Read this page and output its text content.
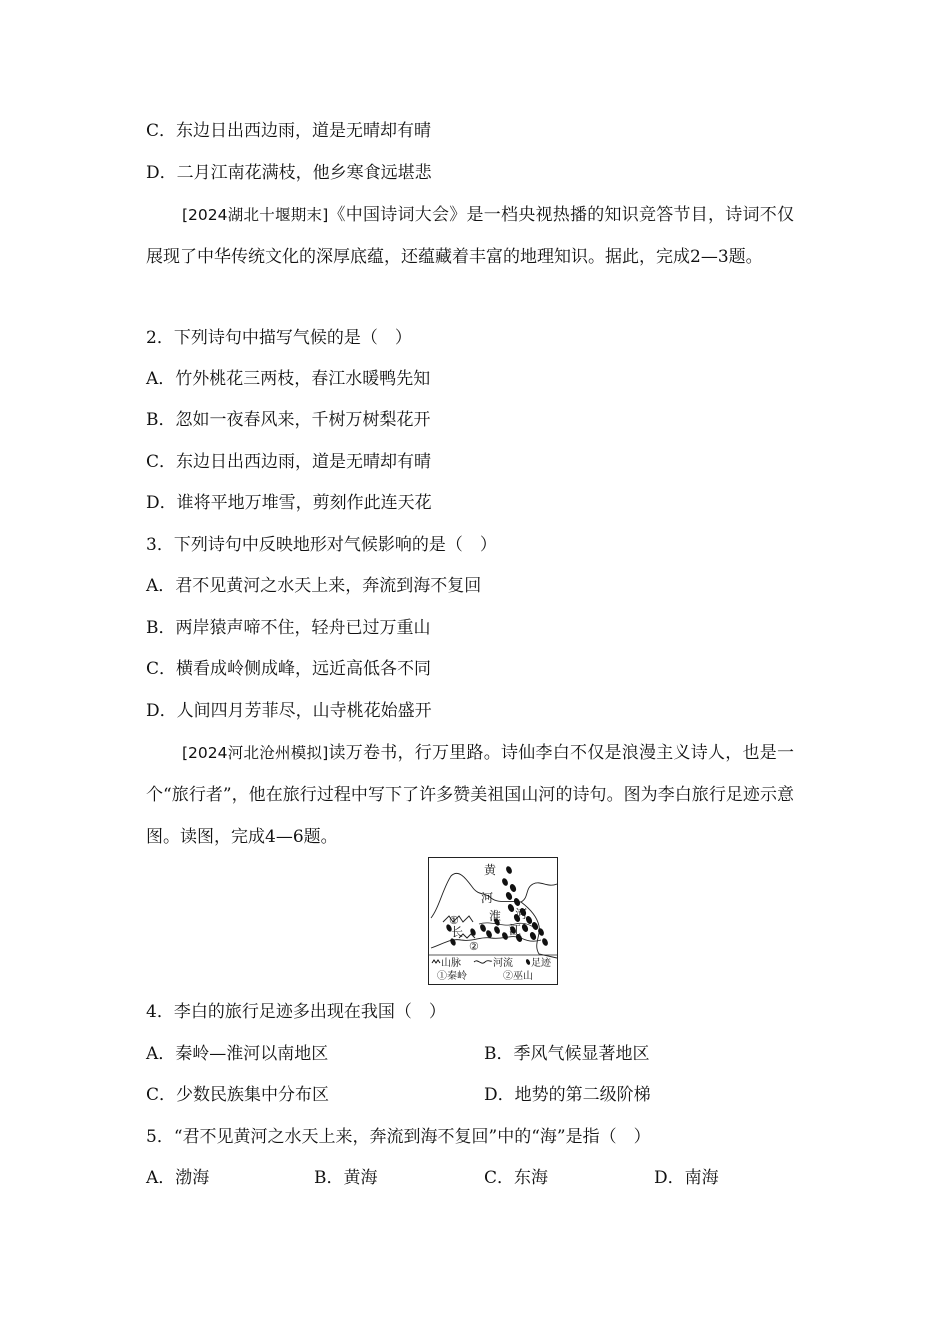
C．东边日出西边雨，道是无晴却有晴
D．二月江南花满枝，他乡寒食远堪悲
[2024湖北十堰期末]《中国诗词大会》是一档央视热播的知识竞答节目，诗词不仅展现了中华传统文化的深厚底蕴，还蕴藏着丰富的地理知识。据此，完成2—3题。
2．下列诗句中描写气候的是（　）
A．竹外桃花三两枝，春江水暖鸭先知
B．忽如一夜春风来，千树万树梨花开
C．东边日出西边雨，道是无晴却有晴
D．谁将平地万堆雪，剪刻作此连天花
3．下列诗句中反映地形对气候影响的是（　）
A．君不见黄河之水天上来，奔流到海不复回
B．两岸猿声啼不住，轻舟已过万重山
C．横看成岭侧成峰，远近高低各不同
D．人间四月芳菲尽，山寺桃花始盛开
[2024河北沧州模拟]读万卷书，行万里路。诗仙李白不仅是浪漫主义诗人，也是一个“旅行者”，他在旅行过程中写下了许多赞美祖国山河的诗句。图为李白旅行足迹示意图。读图，完成4—6题。
黄
河
淮 河
长	江
①
②
山脉	河流 足迹
①秦岭	②巫山
4．李白的旅行足迹多出现在我国（　）
A．秦岭—淮河以南地区	B．季风气候显著地区
C．少数民族集中分布区	D．地势的第二级阶梯
5．“君不见黄河之水天上来，奔流到海不复回”中的“海”是指（　）
A．渤海	B．黄海	C．东海	D．南海
